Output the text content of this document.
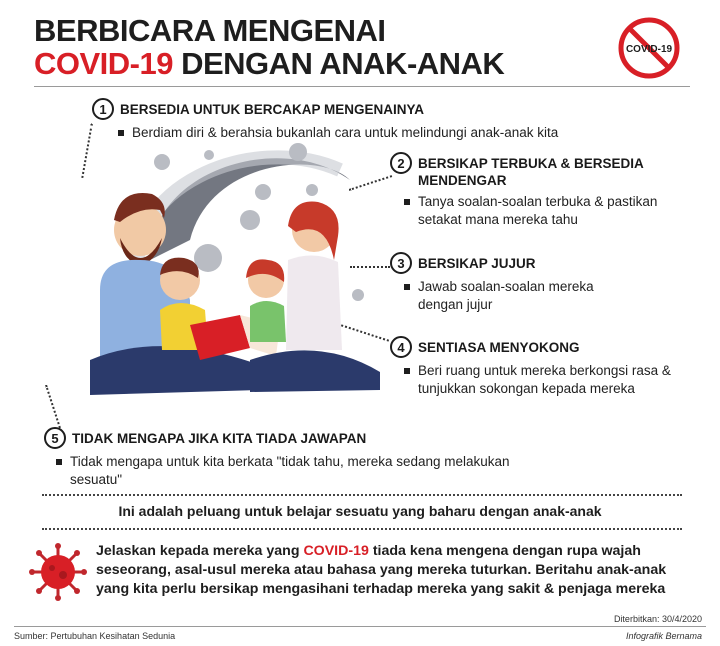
BERBICARA MENGENAI
COVID-19 DENGAN ANAK-ANAK	COVID-19
1 BERSEDIA UNTUK BERCAKAP MENGENAINYA
Berdiam diri & berahsia bukanlah cara untuk melindungi anak-anak kita
2 BERSIKAP TERBUKA & BERSEDIA MENDENGAR
Tanya soalan-soalan terbuka & pastikan setakat mana mereka tahu
3 BERSIKAP JUJUR
Jawab soalan-soalan mereka dengan jujur
4 SENTIASA MENYOKONG
Beri ruang untuk mereka berkongsi rasa & tunjukkan sokongan kepada mereka
5 TIDAK MENGAPA JIKA KITA TIADA JAWAPAN
Tidak mengapa untuk kita berkata "tidak tahu, mereka sedang melakukan sesuatu"
Ini adalah peluang untuk belajar sesuatu yang baharu dengan anak-anak
Jelaskan kepada mereka yang COVID-19 tiada kena mengena dengan rupa wajah seseorang, asal-usul mereka atau bahasa yang mereka tuturkan. Beritahu anak-anak yang kita perlu bersikap mengasihani terhadap mereka yang sakit & penjaga mereka
Diterbitkan: 30/4/2020
Sumber: Pertubuhan Kesihatan Sedunia	Infografik Bernama
